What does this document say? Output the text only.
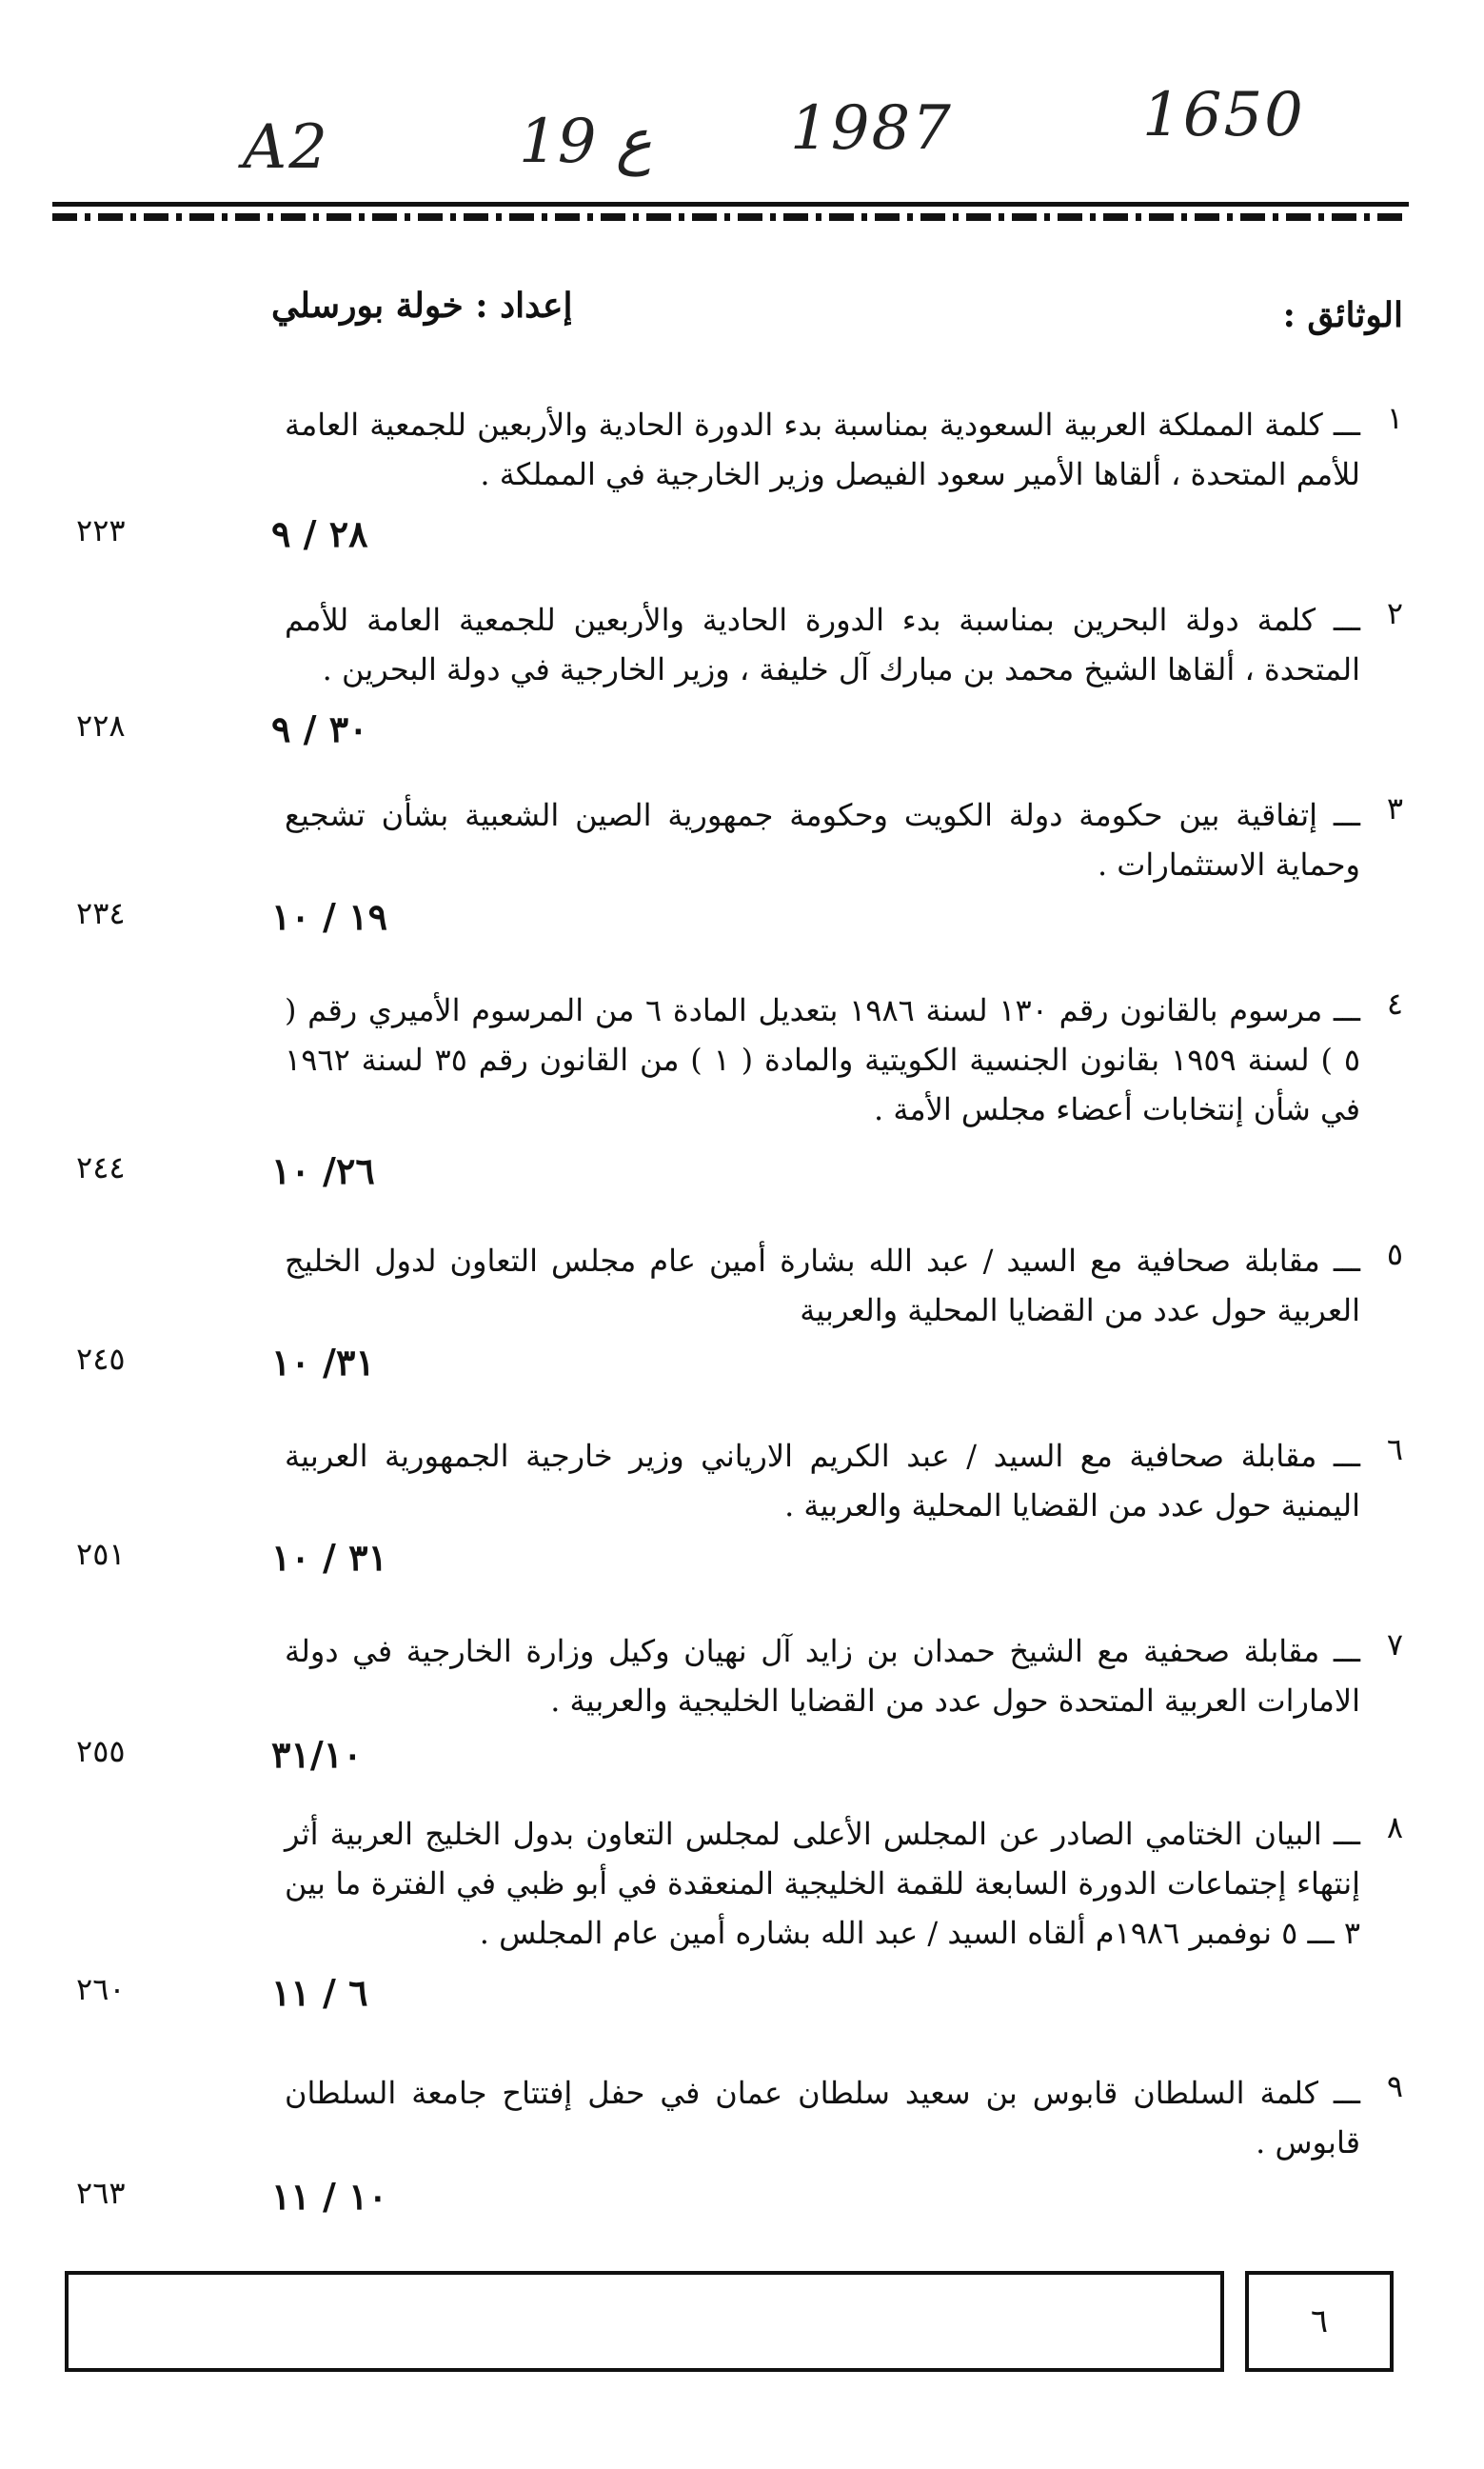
A2	ع 19 1987	1650
الوثائق :
إعداد : خولة بورسلي
١
ـــ كلمة المملكة العربية السعودية بمناسبة بدء الدورة الحادية والأربعين للجمعية العامة للأمم المتحدة ، ألقاها الأمير سعود الفيصل وزير الخارجية في المملكة .
٢٨ / ٩
٢٢٣
٢
ـــ كلمة دولة البحرين بمناسبة بدء الدورة الحادية والأربعين للجمعية العامة للأمم المتحدة ، ألقاها الشيخ محمد بن مبارك آل خليفة ، وزير الخارجية في دولة البحرين .
٣٠ / ٩
٢٢٨
٣
ـــ إتفاقية بين حكومة دولة الكويت وحكومة جمهورية الصين الشعبية بشأن تشجيع وحماية الاستثمارات .
١٩ / ١٠
٢٣٤
٤
ـــ مرسوم بالقانون رقم ١٣٠ لسنة ١٩٨٦ بتعديل المادة ٦ من المرسوم الأميري رقم ( ٥ ) لسنة ١٩٥٩ بقانون الجنسية الكويتية والمادة ( ١ ) من القانون رقم ٣٥ لسنة ١٩٦٢ في شأن إنتخابات أعضاء مجلس الأمة .
٢٦/ ١٠
٢٤٤
٥
ـــ مقابلة صحافية مع السيد / عبد الله بشارة أمين عام مجلس التعاون لدول الخليج العربية حول عدد من القضايا المحلية والعربية
٣١/ ١٠
٢٤٥
٦
ـــ مقابلة صحافية مع السيد / عبد الكريم الارياني وزير خارجية الجمهورية العربية اليمنية حول عدد من القضايا المحلية والعربية .
٣١ / ١٠
٢٥١
٧
ـــ مقابلة صحفية مع الشيخ حمدان بن زايد آل نهيان وكيل وزارة الخارجية في دولة الامارات العربية المتحدة حول عدد من القضايا الخليجية والعربية .
٣١/١٠
٢٥٥
٨
ـــ البيان الختامي الصادر عن المجلس الأعلى لمجلس التعاون بدول الخليج العربية أثر إنتهاء إجتماعات الدورة السابعة للقمة الخليجية المنعقدة في أبو ظبي في الفترة ما بين ٣ ـــ ٥ نوفمبر ١٩٨٦م ألقاه السيد / عبد الله بشاره أمين عام المجلس .
٦ / ١١
٢٦٠
٩
ـــ كلمة السلطان قابوس بن سعيد سلطان عمان في حفل إفتتاح جامعة السلطان قابوس .
١٠ / ١١
٢٦٣
٦
